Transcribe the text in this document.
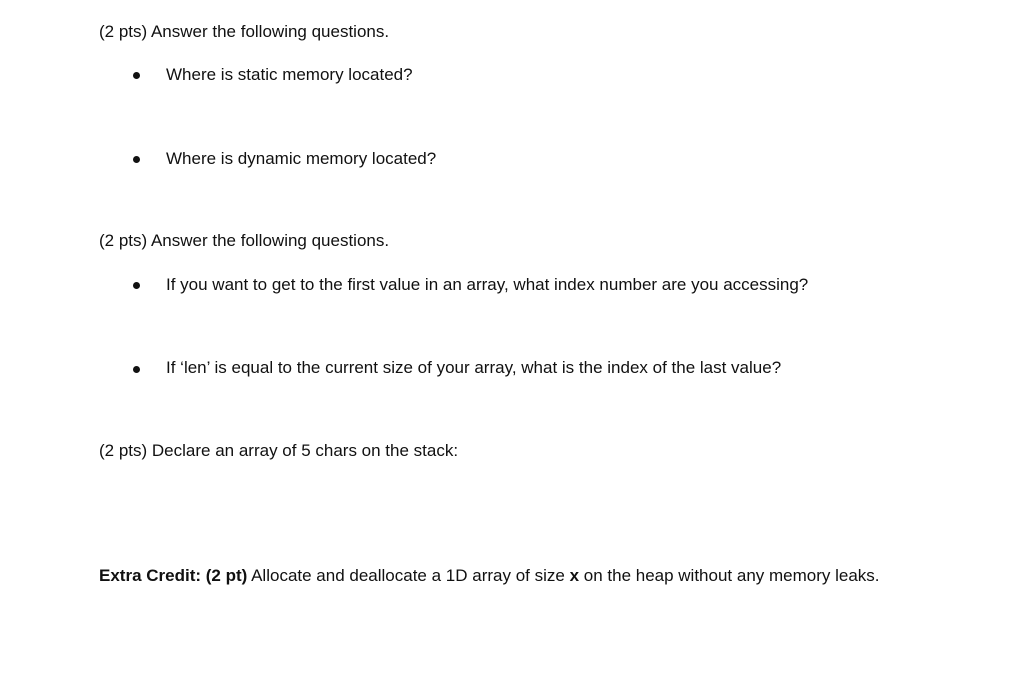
(2 pts) Answer the following questions.
Where is static memory located?
Where is dynamic memory located?
(2 pts) Answer the following questions.
If you want to get to the first value in an array, what index number are you accessing?
If ‘len’ is equal to the current size of your array, what is the index of the last value?
(2 pts) Declare an array of 5 chars on the stack:
Extra Credit: (2 pt) Allocate and deallocate a 1D array of size x on the heap without any memory leaks.
